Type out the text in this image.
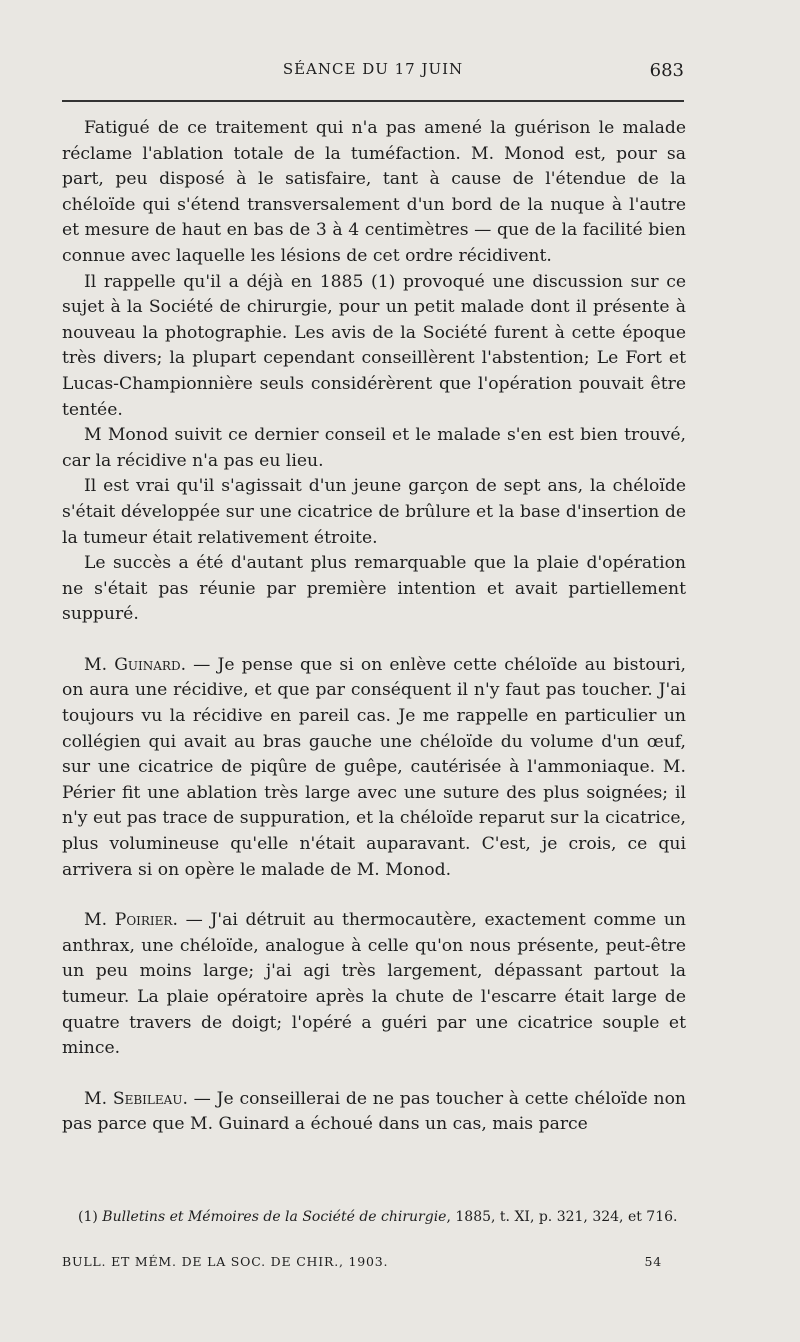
SÉANCE DU 17 JUIN	683

Fatigué de ce traitement qui n'a pas amené la guérison le malade réclame l'ablation totale de la tuméfaction. M. Monod est, pour sa part, peu disposé à le satisfaire, tant à cause de l'étendue de la chéloïde qui s'étend transversalement d'un bord de la nuque à l'autre et mesure de haut en bas de 3 à 4 centimètres — que de la facilité bien connue avec laquelle les lésions de cet ordre récidivent.

Il rappelle qu'il a déjà en 1885 (1) provoqué une discussion sur ce sujet à la Société de chirurgie, pour un petit malade dont il présente à nouveau la photographie. Les avis de la Société furent à cette époque très divers; la plupart cependant conseillèrent l'abstention; Le Fort et Lucas-Championnière seuls considérèrent que l'opération pouvait être tentée.

M Monod suivit ce dernier conseil et le malade s'en est bien trouvé, car la récidive n'a pas eu lieu.

Il est vrai qu'il s'agissait d'un jeune garçon de sept ans, la chéloïde s'était développée sur une cicatrice de brûlure et la base d'insertion de la tumeur était relativement étroite.

Le succès a été d'autant plus remarquable que la plaie d'opération ne s'était pas réunie par première intention et avait partiellement suppuré.

M. Guinard. — Je pense que si on enlève cette chéloïde au bistouri, on aura une récidive, et que par conséquent il n'y faut pas toucher. J'ai toujours vu la récidive en pareil cas. Je me rappelle en particulier un collégien qui avait au bras gauche une chéloïde du volume d'un œuf, sur une cicatrice de piqûre de guêpe, cautérisée à l'ammoniaque. M. Périer fit une ablation très large avec une suture des plus soignées; il n'y eut pas trace de suppuration, et la chéloïde reparut sur la cicatrice, plus volumineuse qu'elle n'était auparavant. C'est, je crois, ce qui arrivera si on opère le malade de M. Monod.

M. Poirier. — J'ai détruit au thermocautère, exactement comme un anthrax, une chéloïde, analogue à celle qu'on nous présente, peut-être un peu moins large; j'ai agi très largement, dépassant partout la tumeur. La plaie opératoire après la chute de l'escarre était large de quatre travers de doigt; l'opéré a guéri par une cicatrice souple et mince.

M. Sebileau. — Je conseillerai de ne pas toucher à cette chéloïde non pas parce que M. Guinard a échoué dans un cas, mais parce

(1) Bulletins et Mémoires de la Société de chirurgie, 1885, t. XI, p. 321, 324, et 716.

BULL. ET MÉM. DE LA SOC. DE CHIR., 1903.	54
